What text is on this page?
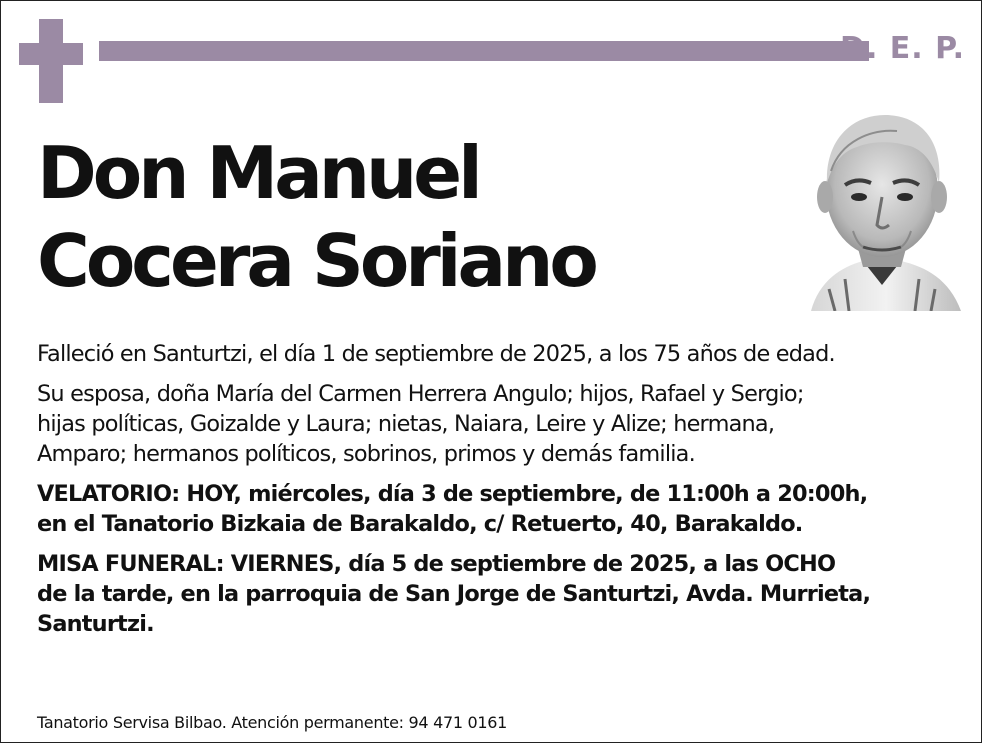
D. E. P.
Don Manuel
Cocera Soriano

Falleció en Santurtzi, el día 1 de septiembre de 2025, a los 75 años de edad.

Su esposa, doña María del Carmen Herrera Angulo; hijos, Rafael y Sergio;
hijas políticas, Goizalde y Laura; nietas, Naiara, Leire y Alize; hermana,
Amparo; hermanos políticos, sobrinos, primos y demás familia.

VELATORIO: HOY, miércoles, día 3 de septiembre, de 11:00h a 20:00h,
en el Tanatorio Bizkaia de Barakaldo, c/ Retuerto, 40, Barakaldo.

MISA FUNERAL: VIERNES, día 5 de septiembre de 2025, a las OCHO
de la tarde, en la parroquia de San Jorge de Santurtzi, Avda. Murrieta,
Santurtzi.

Tanatorio Servisa Bilbao. Atención permanente: 94 471 0161
